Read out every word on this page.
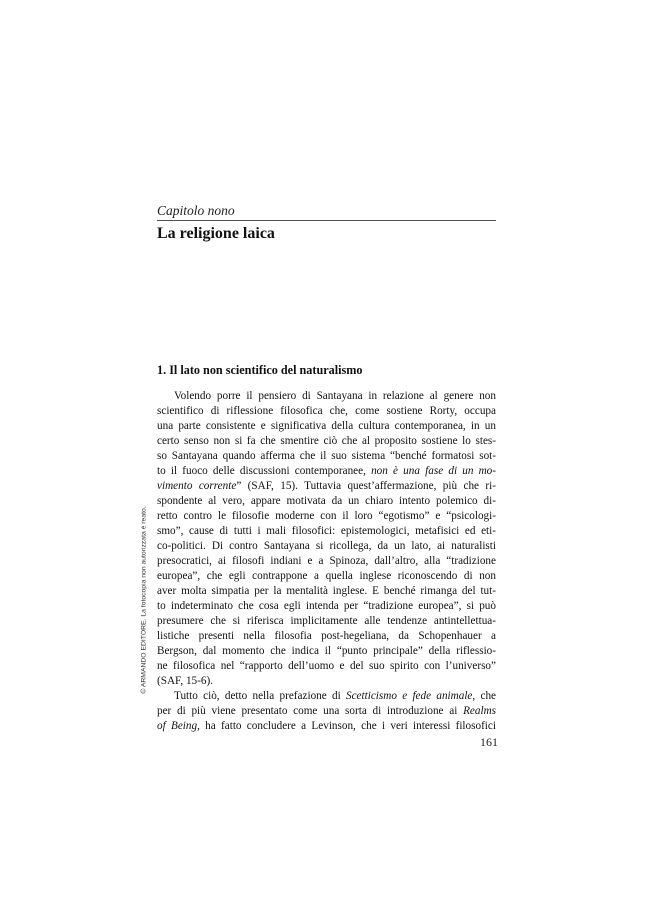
Capitolo nono
La religione laica
1. Il lato non scientifico del naturalismo
Volendo porre il pensiero di Santayana in relazione al genere non
scientifico di riflessione filosofica che, come sostiene Rorty, occupa
una parte consistente e significativa della cultura contemporanea, in un
certo senso non si fa che smentire ciò che al proposito sostiene lo stes-
so Santayana quando afferma che il suo sistema “benché formatosi sot-
to il fuoco delle discussioni contemporanee, non è una fase di un mo-
vimento corrente” (SAF, 15). Tuttavia quest’affermazione, più che ri-
spondente al vero, appare motivata da un chiaro intento polemico di-
retto contro le filosofie moderne con il loro “egotismo” e “psicologi-
smo”, cause di tutti i mali filosofici: epistemologici, metafisici ed eti-
co-politici. Di contro Santayana si ricollega, da un lato, ai naturalisti
presocratici, ai filosofi indiani e a Spinoza, dall’altro, alla “tradizione
europea”, che egli contrappone a quella inglese riconoscendo di non
aver molta simpatia per la mentalità inglese. E benché rimanga del tut-
to indeterminato che cosa egli intenda per “tradizione europea”, si può
presumere che si riferisca implicitamente alle tendenze antintellettua-
listiche presenti nella filosofia post-hegeliana, da Schopenhauer a
Bergson, dal momento che indica il “punto principale” della riflessio-
ne filosofica nel “rapporto dell’uomo e del suo spirito con l’universo”
(SAF, 15-6).
Tutto ciò, detto nella prefazione di Scetticismo e fede animale, che
per di più viene presentato come una sorta di introduzione ai Realms
of Being, ha fatto concludere a Levinson, che i veri interessi filosofici
161
© ARMANDO EDITORE. La fotocopia non autorizzata è reato.
